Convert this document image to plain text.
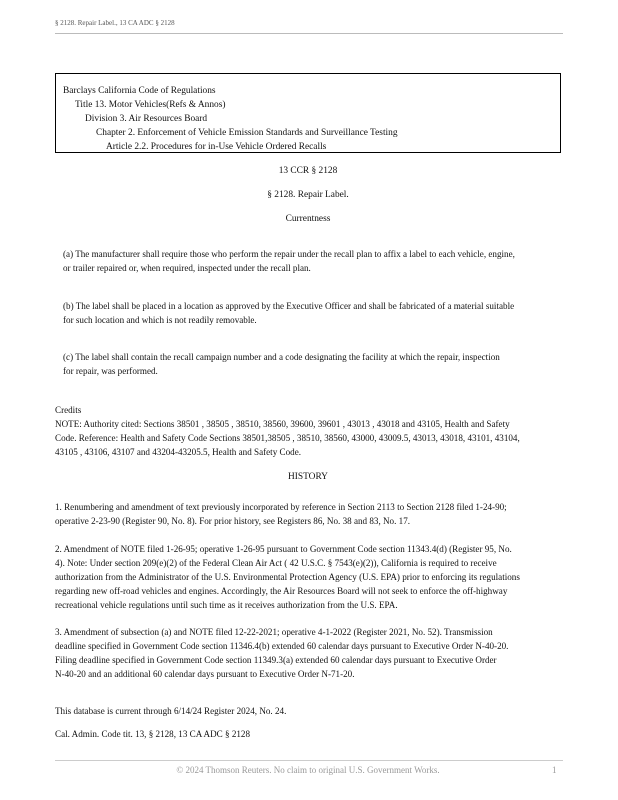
§ 2128. Repair Label., 13 CA ADC § 2128
Barclays California Code of Regulations
Title 13. Motor Vehicles(Refs & Annos)
Division 3. Air Resources Board
Chapter 2. Enforcement of Vehicle Emission Standards and Surveillance Testing
Article 2.2. Procedures for in-Use Vehicle Ordered Recalls
13 CCR § 2128
§ 2128. Repair Label.
Currentness
(a) The manufacturer shall require those who perform the repair under the recall plan to affix a label to each vehicle, engine,
or trailer repaired or, when required, inspected under the recall plan.
(b) The label shall be placed in a location as approved by the Executive Officer and shall be fabricated of a material suitable
for such location and which is not readily removable.
(c) The label shall contain the recall campaign number and a code designating the facility at which the repair, inspection
for repair, was performed.
Credits
NOTE: Authority cited: Sections 38501 , 38505 , 38510, 38560, 39600, 39601 , 43013 , 43018 and 43105, Health and Safety
Code. Reference: Health and Safety Code Sections 38501,38505 , 38510, 38560, 43000, 43009.5, 43013, 43018, 43101, 43104,
43105 , 43106, 43107 and 43204-43205.5, Health and Safety Code.
HISTORY
1. Renumbering and amendment of text previously incorporated by reference in Section 2113 to Section 2128 filed 1-24-90;
operative 2-23-90 (Register 90, No. 8). For prior history, see Registers 86, No. 38 and 83, No. 17.
2. Amendment of NOTE filed 1-26-95; operative 1-26-95 pursuant to Government Code section 11343.4(d) (Register 95, No.
4). Note: Under section 209(e)(2) of the Federal Clean Air Act ( 42 U.S.C. § 7543(e)(2)), California is required to receive
authorization from the Administrator of the U.S. Environmental Protection Agency (U.S. EPA) prior to enforcing its regulations
regarding new off-road vehicles and engines. Accordingly, the Air Resources Board will not seek to enforce the off-highway
recreational vehicle regulations until such time as it receives authorization from the U.S. EPA.
3. Amendment of subsection (a) and NOTE filed 12-22-2021; operative 4-1-2022 (Register 2021, No. 52). Transmission
deadline specified in Government Code section 11346.4(b) extended 60 calendar days pursuant to Executive Order N-40-20.
Filing deadline specified in Government Code section 11349.3(a) extended 60 calendar days pursuant to Executive Order
N-40-20 and an additional 60 calendar days pursuant to Executive Order N-71-20.
This database is current through 6/14/24 Register 2024, No. 24.
Cal. Admin. Code tit. 13, § 2128, 13 CA ADC § 2128
© 2024 Thomson Reuters. No claim to original U.S. Government Works.	1
